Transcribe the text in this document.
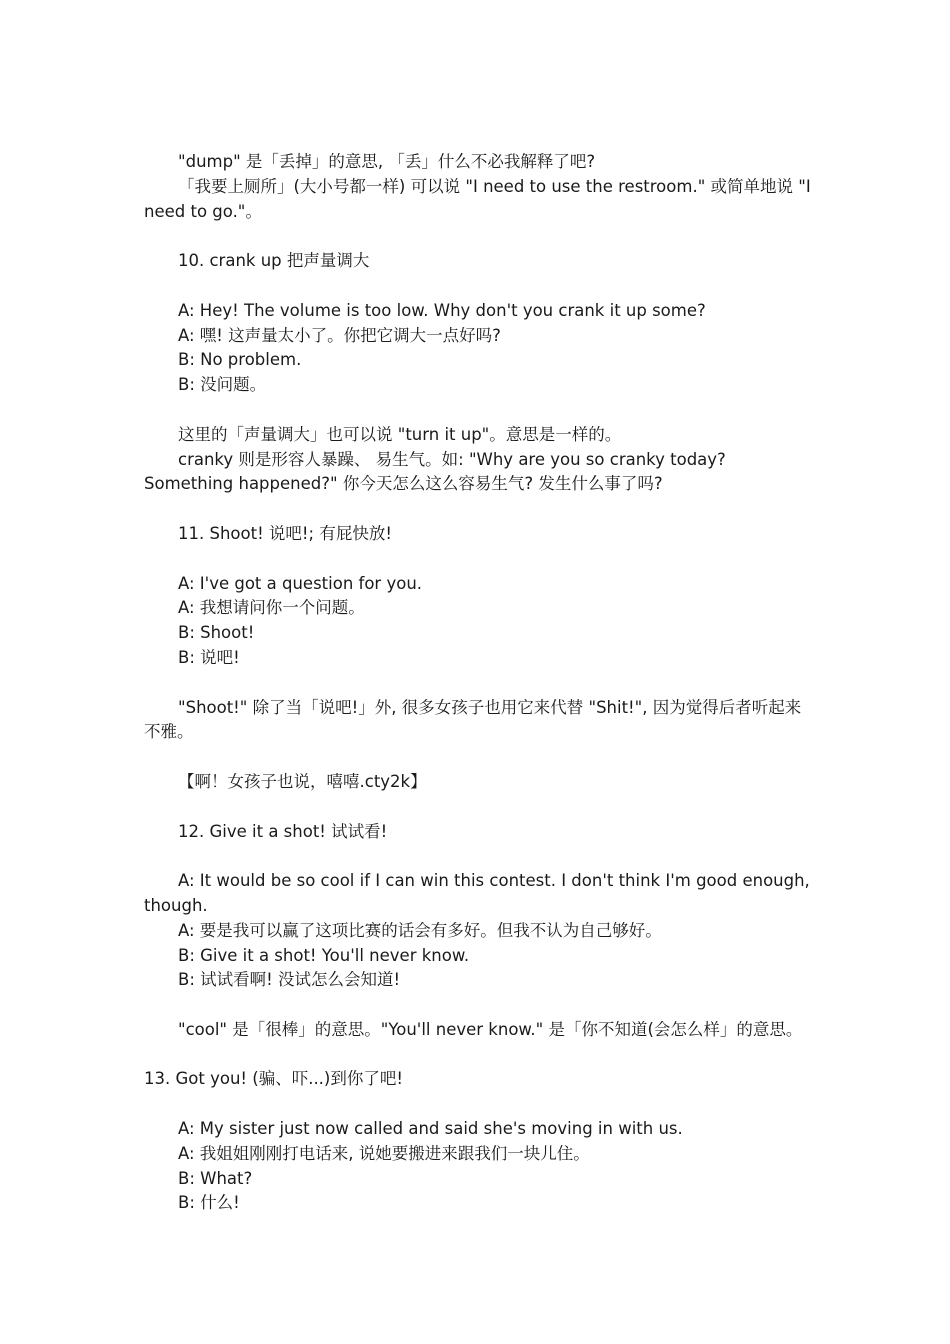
"dump" 是「丢掉」的意思, 「丢」什么不必我解释了吧?
「我要上厕所」(大小号都一样) 可以说 "I need to use the restroom." 或简单地说 "I need to go."。
10. crank up 把声量调大
A: Hey! The volume is too low. Why don't you crank it up some?
A: 嘿! 这声量太小了。你把它调大一点好吗?
B: No problem.
B: 没问题。
这里的「声量调大」也可以说 "turn it up"。意思是一样的。
cranky 则是形容人暴躁、 易生气。如: "Why are you so cranky today? Something happened?" 你今天怎么这么容易生气? 发生什么事了吗?
11. Shoot! 说吧!; 有屁快放!
A: I've got a question for you.
A: 我想请问你一个问题。
B: Shoot!
B: 说吧!
"Shoot!" 除了当「说吧!」外, 很多女孩子也用它来代替 "Shit!", 因为觉得后者听起来不雅。
【啊！女孩子也说，嘻嘻.cty2k】
12. Give it a shot! 试试看!
A: It would be so cool if I can win this contest. I don't think I'm good enough, though.
A: 要是我可以赢了这项比赛的话会有多好。但我不认为自己够好。
B: Give it a shot! You'll never know.
B: 试试看啊! 没试怎么会知道!
"cool" 是「很棒」的意思。"You'll never know." 是「你不知道(会怎么样」的意思。
13. Got you! (骗、吓...)到你了吧!
A: My sister just now called and said she's moving in with us.
A: 我姐姐刚刚打电话来, 说她要搬进来跟我们一块儿住。
B: What?
B: 什么!
